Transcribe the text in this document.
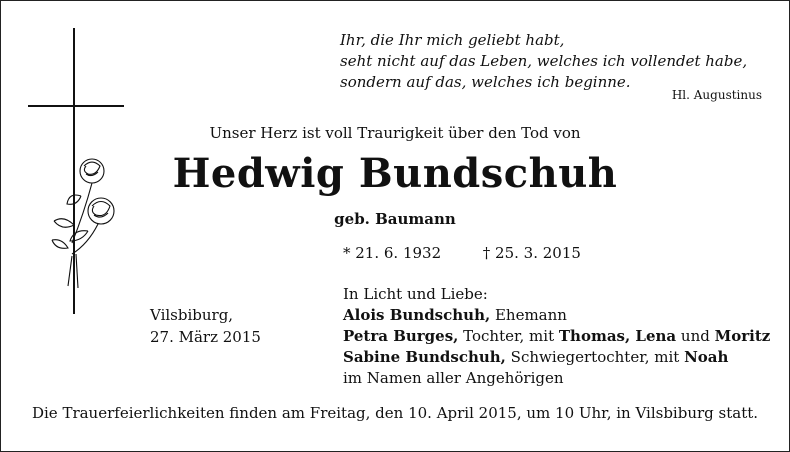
Ihr, die Ihr mich geliebt habt,
seht nicht auf das Leben, welches ich vollendet habe,
sondern auf das, welches ich beginne.
Hl. Augustinus
Unser Herz ist voll Traurigkeit über den Tod von
Hedwig Bundschuh
geb. Baumann
* 21. 6. 1932	† 25. 3. 2015
Vilsbiburg,
27. März 2015
In Licht und Liebe:
Alois Bundschuh, Ehemann
Petra Burges, Tochter, mit Thomas, Lena und Moritz
Sabine Bundschuh, Schwiegertochter, mit Noah
im Namen aller Angehörigen
Die Trauerfeierlichkeiten finden am Freitag, den 10. April 2015, um 10 Uhr, in Vilsbiburg statt.
